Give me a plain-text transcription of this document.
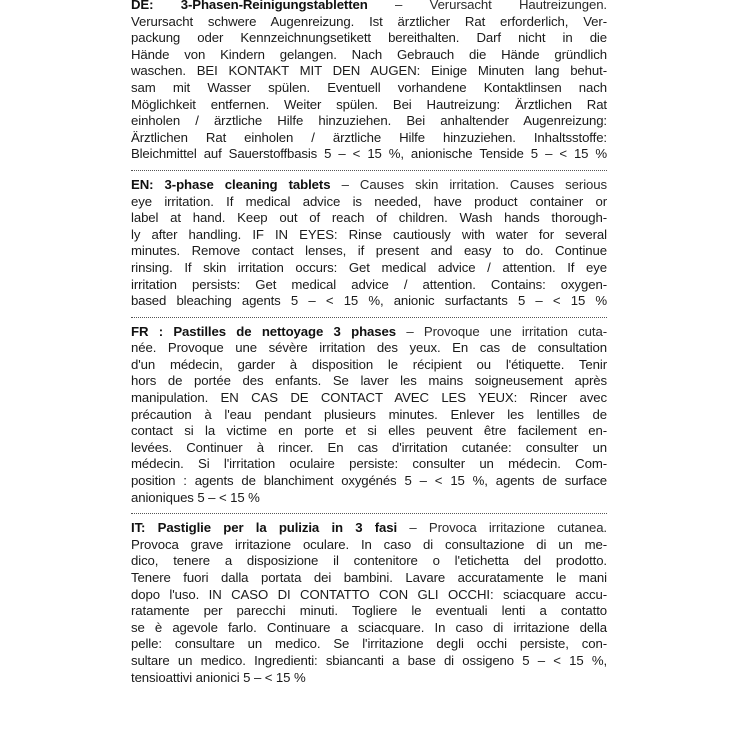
DE: 3-Phasen-Reinigungstabletten – Verursacht Hautreizungen.
Verursacht schwere Augenreizung. Ist ärztlicher Rat erforderlich, Ver-
packung oder Kennzeichnungsetikett bereithalten. Darf nicht in die
Hände von Kindern gelangen. Nach Gebrauch die Hände gründlich
waschen. BEI KONTAKT MIT DEN AUGEN: Einige Minuten lang behut-
sam mit Wasser spülen. Eventuell vorhandene Kontaktlinsen nach
Möglichkeit entfernen. Weiter spülen. Bei Hautreizung: Ärztlichen Rat
einholen / ärztliche Hilfe hinzuziehen. Bei anhaltender Augenreizung:
Ärztlichen Rat einholen / ärztliche Hilfe hinzuziehen. Inhaltsstoffe:
Bleichmittel auf Sauerstoffbasis 5 – < 15 %, anionische Tenside 5 – < 15 %
EN: 3-phase cleaning tablets – Causes skin irritation. Causes serious
eye irritation. If medical advice is needed, have product container or
label at hand. Keep out of reach of children. Wash hands thorough-
ly after handling. IF IN EYES: Rinse cautiously with water for several
minutes. Remove contact lenses, if present and easy to do. Continue
rinsing. If skin irritation occurs: Get medical advice / attention. If eye
irritation persists: Get medical advice / attention. Contains: oxygen-
based bleaching agents 5 – < 15 %, anionic surfactants 5 – < 15 %
FR : Pastilles de nettoyage 3 phases – Provoque une irritation cuta-
née. Provoque une sévère irritation des yeux. En cas de consultation
d'un médecin, garder à disposition le récipient ou l'étiquette. Tenir
hors de portée des enfants. Se laver les mains soigneusement après
manipulation. EN CAS DE CONTACT AVEC LES YEUX: Rincer avec
précaution à l'eau pendant plusieurs minutes. Enlever les lentilles de
contact si la victime en porte et si elles peuvent être facilement en-
levées. Continuer à rincer. En cas d'irritation cutanée: consulter un
médecin. Si l'irritation oculaire persiste: consulter un médecin. Com-
position : agents de blanchiment oxygénés 5 – < 15 %, agents de surface
anioniques 5 – < 15 %
IT: Pastiglie per la pulizia in 3 fasi – Provoca irritazione cutanea.
Provoca grave irritazione oculare. In caso di consultazione di un me-
dico, tenere a disposizione il contenitore o l'etichetta del prodotto.
Tenere fuori dalla portata dei bambini. Lavare accuratamente le mani
dopo l'uso. IN CASO DI CONTATTO CON GLI OCCHI: sciacquare accu-
ratamente per parecchi minuti. Togliere le eventuali lenti a contatto
se è agevole farlo. Continuare a sciacquare. In caso di irritazione della
pelle: consultare un medico. Se l'irritazione degli occhi persiste, con-
sultare un medico. Ingredienti: sbiancanti a base di ossigeno 5 – < 15 %,
tensioattivi anionici 5 – < 15 %
